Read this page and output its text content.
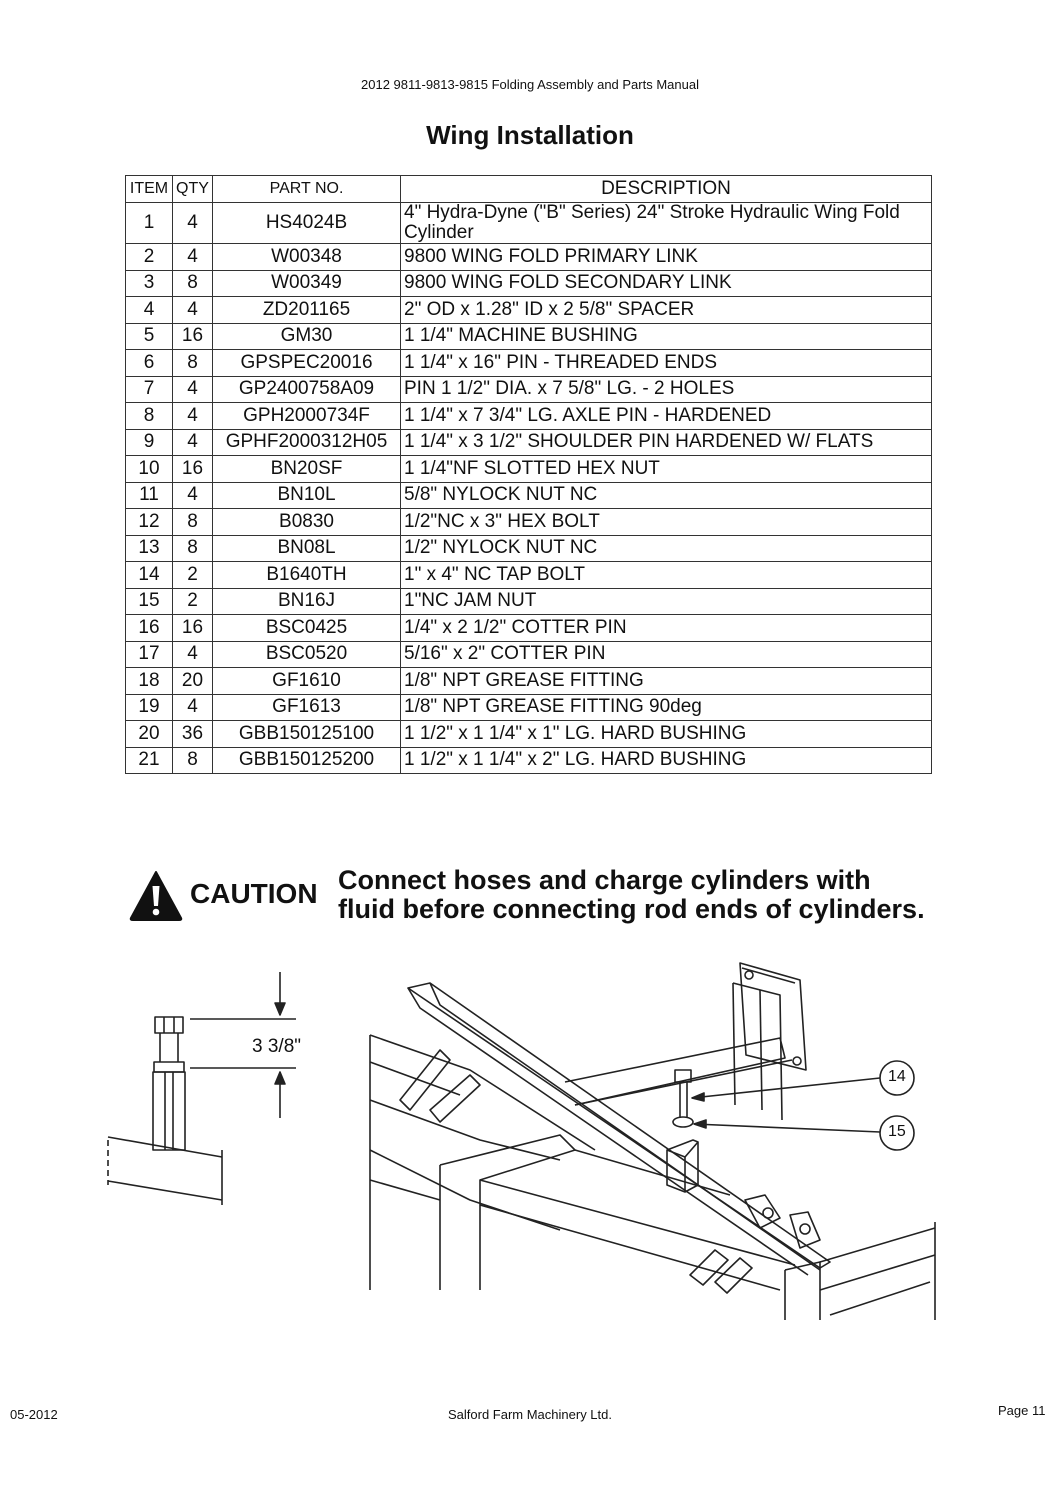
2012 9811-9813-9815 Folding Assembly and Parts Manual
Wing Installation
ITEM	QTY	PART NO.	DESCRIPTION
1	4	HS4024B	4" Hydra-Dyne ("B" Series) 24" Stroke Hydraulic Wing Fold Cylinder
2	4	W00348	9800 WING FOLD PRIMARY LINK
3	8	W00349	9800 WING FOLD SECONDARY LINK
4	4	ZD201165	2" OD x 1.28" ID x 2 5/8" SPACER
5	16	GM30	1 1/4" MACHINE BUSHING
6	8	GPSPEC20016	1 1/4" x 16" PIN - THREADED ENDS
7	4	GP2400758A09	PIN 1 1/2" DIA. x 7 5/8" LG. - 2 HOLES
8	4	GPH2000734F	1 1/4" x 7 3/4" LG. AXLE PIN - HARDENED
9	4	GPHF2000312H05	1 1/4" x 3 1/2" SHOULDER PIN HARDENED W/ FLATS
10	16	BN20SF	1 1/4"NF SLOTTED HEX NUT
11	4	BN10L	5/8" NYLOCK NUT NC
12	8	B0830	1/2"NC x 3" HEX BOLT
13	8	BN08L	1/2" NYLOCK NUT NC
14	2	B1640TH	1" x 4" NC TAP BOLT
15	2	BN16J	1"NC JAM NUT
16	16	BSC0425	1/4" x 2 1/2" COTTER PIN
17	4	BSC0520	5/16" x 2" COTTER PIN
18	20	GF1610	1/8" NPT GREASE FITTING
19	4	GF1613	1/8" NPT GREASE FITTING 90deg
20	36	GBB150125100	1 1/2" x 1 1/4" x 1" LG. HARD BUSHING
21	8	GBB150125200	1 1/2" x 1 1/4" x 2" LG. HARD BUSHING
CAUTION Connect hoses and charge cylinders with
fluid before connecting rod ends of cylinders.
3 3/8"
14
15
05-2012	Salford Farm Machinery Ltd.	Page 11
